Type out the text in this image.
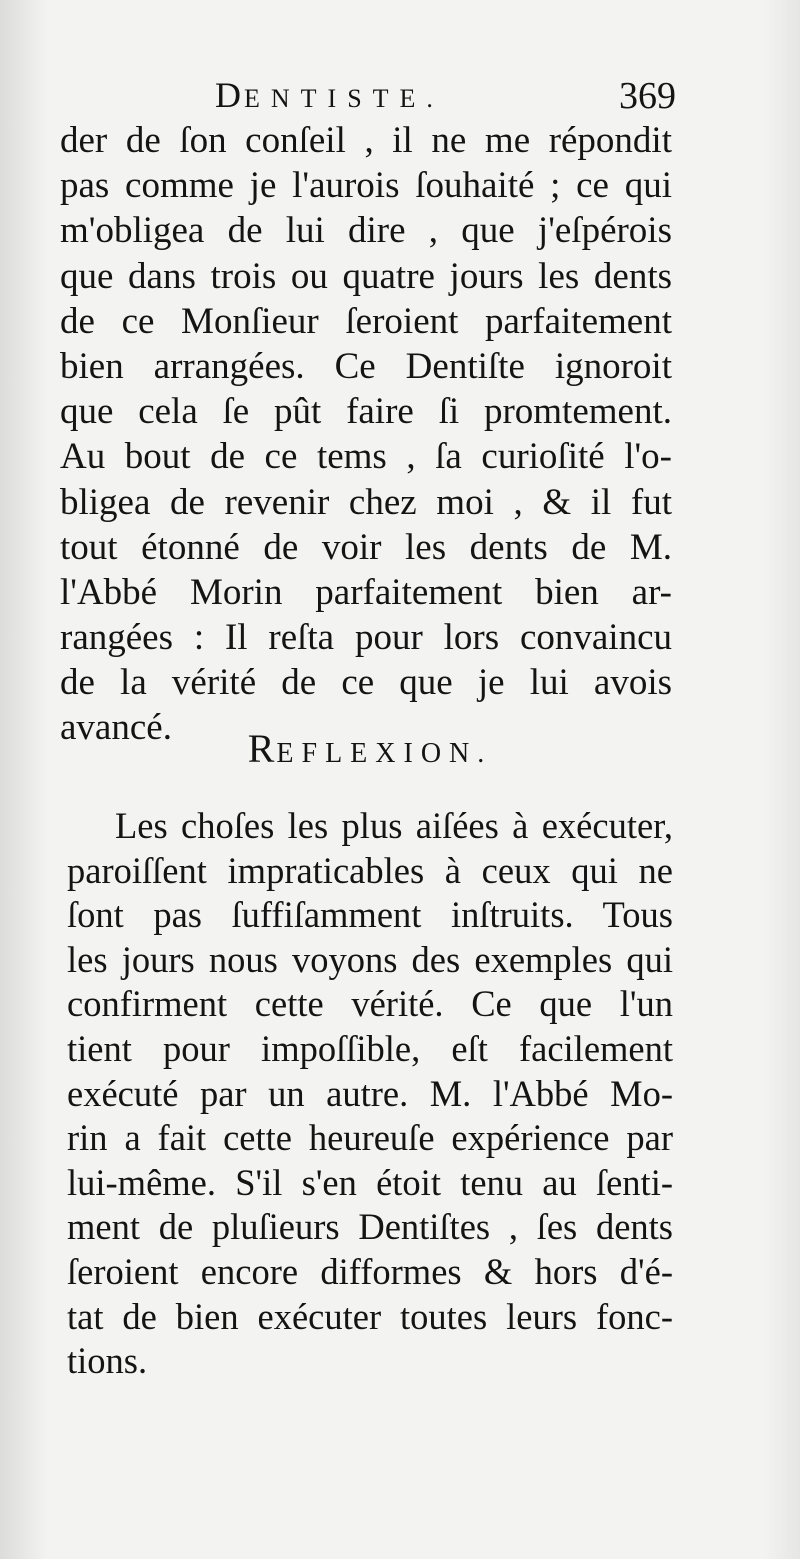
DENTISTE.	369
der de ſon conſeil , il ne me répondit
pas comme je l'aurois ſouhaité ; ce qui
m'obligea de lui dire , que j'eſpérois
que dans trois ou quatre jours les dents
de ce Monſieur ſeroient parfaitement
bien arrangées. Ce Dentiſte ignoroit
que cela ſe pût faire ſi promtement.
Au bout de ce tems , ſa curioſité l'o-
bligea de revenir chez moi , & il fut
tout étonné de voir les dents de M.
l'Abbé Morin parfaitement bien ar-
rangées : Il reſta pour lors convaincu
de la vérité de ce que je lui avois
avancé.	REFLEXION.
Les choſes les plus aiſées à exécuter,
paroiſſent impraticables à ceux qui ne
ſont pas ſuffiſamment inſtruits. Tous
les jours nous voyons des exemples qui
confirment cette vérité. Ce que l'un
tient pour impoſſible, eſt facilement
exécuté par un autre. M. l'Abbé Mo-
rin a fait cette heureuſe expérience par
lui-même. S'il s'en étoit tenu au ſenti-
ment de pluſieurs Dentiſtes , ſes dents
ſeroient encore difformes & hors d'é-
tat de bien exécuter toutes leurs fonc-
tions.
